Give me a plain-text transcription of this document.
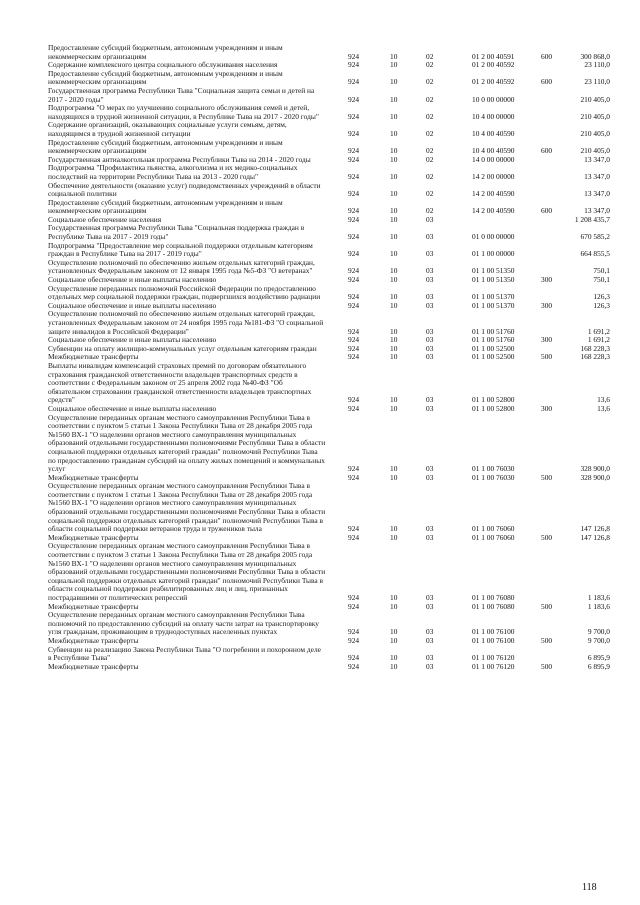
Предоставление субсидий бюджетным, автономным учреждениям и иным некоммерческим организациям	924	10	02	01 2 00 40591	600	300 868,0
Содержание комплексного центра социального обслуживания населения	924	10	02	01 2 00 40592	23 110,0
Предоставление субсидий бюджетным, автономным учреждениям и иным некоммерческим организациям	924	10	02	01 2 00 40592	600	23 110,0
Государственная программа Республики Тыва "Социальная защита семьи и детей на 2017 - 2020 годы"	924	10	02	10 0 00 00000	210 405,0
Подпрограмма "О мерах по улучшению социального обслуживания семей и детей, находящихся в трудной жизненной ситуации, в Республике Тыва на 2017 - 2020 годы"	924	10	02	10 4 00 00000	210 405,0
Содержание организаций, оказывающих социальные услуги семьям, детям, находящимся в трудной жизненной ситуации	924	10	02	10 4 00 40590	210 405,0
Предоставление субсидий бюджетным, автономным учреждениям и иным некоммерческим организациям	924	10	02	10 4 00 40590	600	210 405,0
Государственная антиалкогольная программа Республики Тыва на 2014 - 2020 годы	924	10	02	14 0 00 00000	13 347,0
Подпрограмма "Профилактика пьянства, алкоголизма и их медико-социальных последствий на территории Республики Тыва на 2013 - 2020 годы"	924	10	02	14 2 00 00000	13 347,0
Обеспечение деятельности (оказание услуг) подведомственных учреждений в области социальной политики	924	10	02	14 2 00 40590	13 347,0
Предоставление субсидий бюджетным, автономным учреждениям и иным некоммерческим организациям	924	10	02	14 2 00 40590	600	13 347,0
Социальное обеспечение населения	924	10	03	1 208 435,7
Государственная программа Республики Тыва "Социальная поддержка граждан в Республике Тыва на 2017 - 2019 годы"	924	10	03	01 0 00 00000	670 585,2
Подпрограмма "Предоставление мер социальной поддержки отдельным категориям граждан в Республике Тыва на 2017 - 2019 годы"	924	10	03	01 1 00 00000	664 855,5
Осуществление полномочий по обеспечению жильем отдельных категорий граждан, установленных Федеральным законом от 12 января 1995 года №5-ФЗ "О ветеранах"	924	10	03	01 1 00 51350	750,1
Социальное обеспечение и иные выплаты населению	924	10	03	01 1 00 51350	300	750,1
Осуществление переданных полномочий Российской Федерации по предоставлению отдельных мер социальной поддержки граждан, подвергшихся воздействию радиации	924	10	03	01 1 00 51370	126,3
Социальное обеспечение и иные выплаты населению	924	10	03	01 1 00 51370	300	126,3
Осуществление полномочий по обеспечению жильем отдельных категорий граждан, установленных Федеральным законом от 24 ноября 1995 года №181-ФЗ "О социальной защите инвалидов в Российской Федерации"	924	10	03	01 1 00 51760	1 691,2
Социальное обеспечение и иные выплаты населению	924	10	03	01 1 00 51760	300	1 691,2
Субвенции на оплату жилищно-коммунальных услуг отдельным категориям граждан	924	10	03	01 1 00 52500	168 228,3
Межбюджетные трансферты	924	10	03	01 1 00 52500	500	168 228,3
Выплаты инвалидам компенсаций страховых премий по договорам обязательного страхования гражданской ответственности владельцев транспортных средств в соответствии с Федеральным законом от 25 апреля 2002 года №40-ФЗ "Об обязательном страховании гражданской ответственности владельцев транспортных средств"	924	10	03	01 1 00 52800	13,6
Социальное обеспечение и иные выплаты населению	924	10	03	01 1 00 52800	300	13,6
Осуществление переданных органам местного самоуправления Республики Тыва в соответствии с пунктом 5 статьи 1 Закона Республики Тыва от 28 декабря 2005 года №1560 ВХ-1 "О наделении органов местного самоуправления муниципальных образований отдельными государственными полномочиями Республики Тыва в области социальной поддержки отдельных категорий граждан" полномочий Республики Тыва по предоставлению гражданам субсидий на оплату жилых помещений и коммунальных услуг	924	10	03	01 1 00 76030	328 900,0
Межбюджетные трансферты	924	10	03	01 1 00 76030	500	328 900,0
Осуществление переданных органам местного самоуправления Республики Тыва в соответствии с пунктом 1 статьи 1 Закона Республики Тыва от 28 декабря 2005 года №1560 ВХ-1 "О наделении органов местного самоуправления муниципальных образований отдельными государственными полномочиями Республики Тыва в области социальной поддержки отдельных категорий граждан" полномочий Республики Тыва в области социальной поддержки ветеранов труда и тружеников тыла	924	10	03	01 1 00 76060	147 126,8
Межбюджетные трансферты	924	10	03	01 1 00 76060	500	147 126,8
Осуществление переданных органам местного самоуправления Республики Тыва в соответствии с пунктом 3 статьи 1 Закона Республики Тыва от 28 декабря 2005 года №1560 ВХ-1 "О наделении органов местного самоуправления муниципальных образований отдельными государственными полномочиями Республики Тыва в области социальной поддержки отдельных категорий граждан" полномочий Республики Тыва в области социальной поддержки реабилитированных лиц и лиц, признанных пострадавшими от политических репрессий	924	10	03	01 1 00 76080	1 183,6
Межбюджетные трансферты	924	10	03	01 1 00 76080	500	1 183,6
Осуществление переданных органам местного самоуправления Республики Тыва полномочий по предоставлению субсидий на оплату части затрат на транспортировку угля гражданам, проживающим в труднодоступных населенных пунктах	924	10	03	01 1 00 76100	9 700,0
Межбюджетные трансферты	924	10	03	01 1 00 76100	500	9 700,0
Субвенции на реализацию Закона Республики Тыва "О погребении и похоронном деле в Республике Тыва"	924	10	03	01 1 00 76120	6 895,9
Межбюджетные трансферты	924	10	03	01 1 00 76120	500	6 895,9
118
